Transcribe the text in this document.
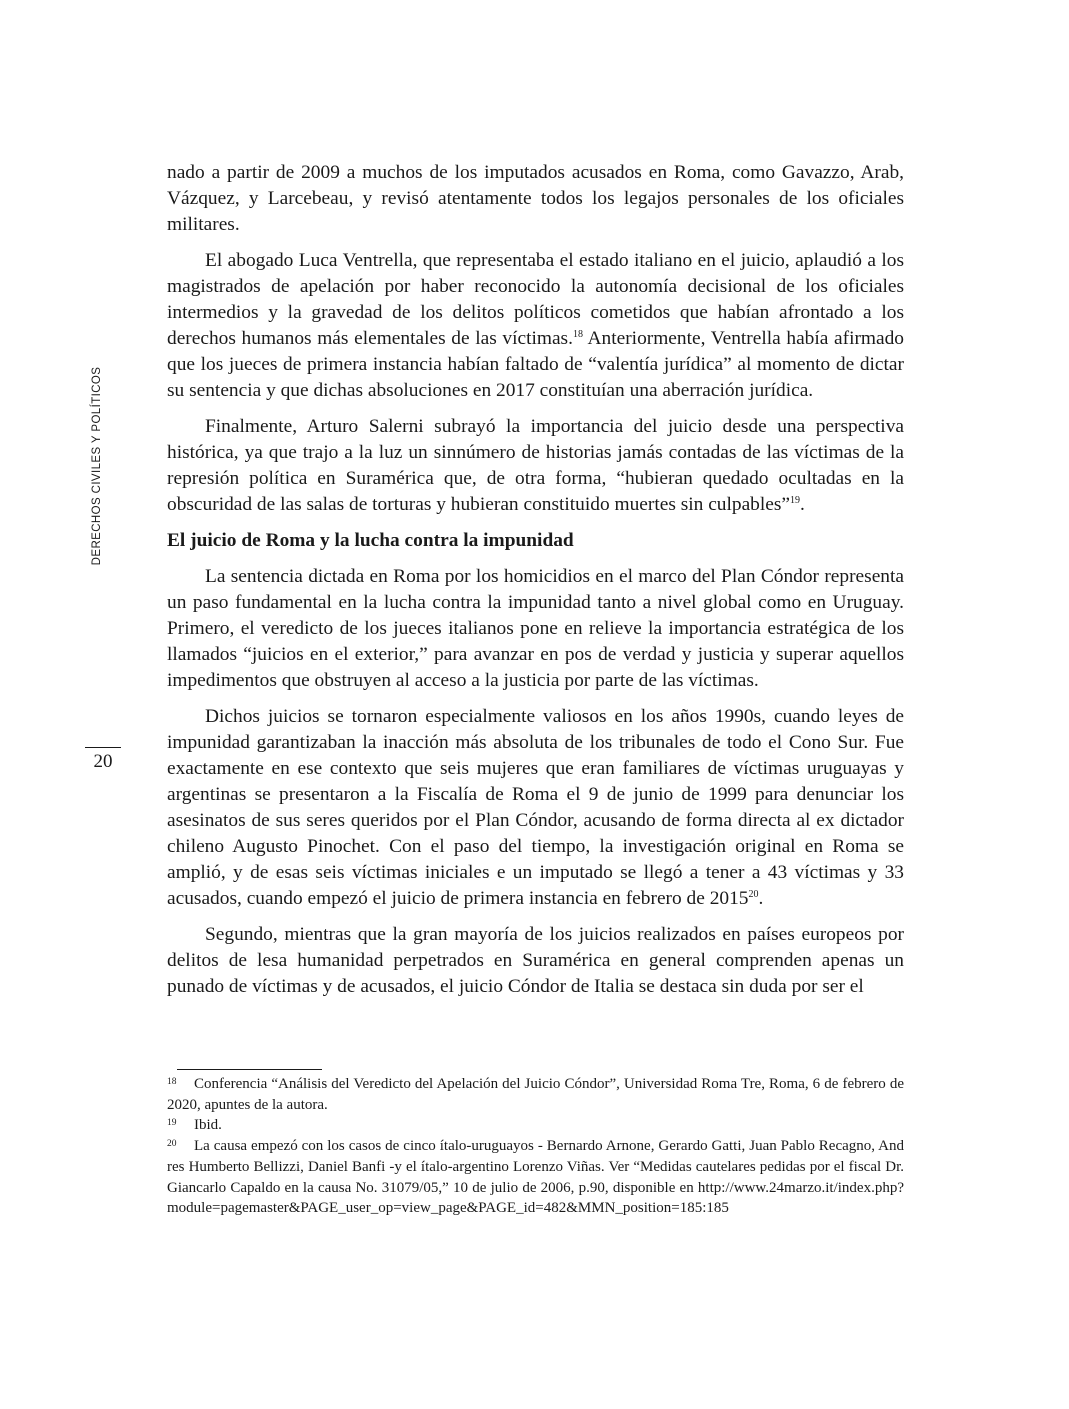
DERECHOS CIVILES Y POLÍTICOS
20

nado a partir de 2009 a muchos de los imputados acusados en Roma, como Gavazzo, Arab, Vázquez, y Larcebeau, y revisó atentamente todos los legajos personales de los oficiales militares.

El abogado Luca Ventrella, que representaba el estado italiano en el juicio, aplaudió a los magistrados de apelación por haber reconocido la autonomía decisional de los oficiales intermedios y la gravedad de los delitos políticos cometidos que habían afrontado a los derechos humanos más elementales de las víctimas.$^{18}$ Anteriormente, Ventrella había afirmado que los jueces de primera instancia habían faltado de “valentía jurídica” al momento de dictar su sentencia y que dichas absoluciones en 2017 constituían una aberración jurídica.

Finalmente, Arturo Salerni subrayó la importancia del juicio desde una perspectiva histórica, ya que trajo a la luz un sinnúmero de historias jamás contadas de las víctimas de la represión política en Suramérica que, de otra forma, “hubieran quedado ocultadas en la obscuridad de las salas de torturas y hubieran constituido muertes sin culpables”$^{19}$.

El juicio de Roma y la lucha contra la impunidad

La sentencia dictada en Roma por los homicidios en el marco del Plan Cóndor representa un paso fundamental en la lucha contra la impunidad tanto a nivel global como en Uruguay. Primero, el veredicto de los jueces italianos pone en relieve la importancia estratégica de los llamados “juicios en el exterior,” para avanzar en pos de verdad y justicia y superar aquellos impedimentos que obstruyen al acceso a la justicia por parte de las víctimas.

Dichos juicios se tornaron especialmente valiosos en los años 1990s, cuando leyes de impunidad garantizaban la inacción más absoluta de los tribunales de todo el Cono Sur. Fue exactamente en ese contexto que seis mujeres que eran familiares de víctimas uruguayas y argentinas se presentaron a la Fiscalía de Roma el 9 de junio de 1999 para denunciar los asesinatos de sus seres queridos por el Plan Cóndor, acusando de forma directa al ex dictador chileno Augusto Pinochet. Con el paso del tiempo, la investigación original en Roma se amplió, y de esas seis víctimas iniciales e un imputado se llegó a tener a 43 víctimas y 33 acusados, cuando empezó el juicio de primera instancia en febrero de 2015$^{20}$.

Segundo, mientras que la gran mayoría de los juicios realizados en países europeos por delitos de lesa humanidad perpetrados en Suramérica en general comprenden apenas un punado de víctimas y de acusados, el juicio Cóndor de Italia se destaca sin duda por ser el

18 Conferencia “Análisis del Veredicto del Apelación del Juicio Cóndor”, Universidad Roma Tre, Roma, 6 de febrero de 2020, apuntes de la autora.

19 Ibid.

20 La causa empezó con los casos de cinco ítalo-uruguayos - Bernardo Arnone, Gerardo Gatti, Juan Pablo Recagno, Andres Humberto Bellizzi, Daniel Banfi -y el ítalo-argentino Lorenzo Viñas. Ver “Medidas cautelares pedidas por el fiscal Dr. Giancarlo Capaldo en la causa No. 31079/05,” 10 de julio de 2006, p.90, disponible en http://www.24marzo.it/index.php?module=pagemaster&PAGE_user_op=view_page&PAGE_id=482&MMN_position=185:185
